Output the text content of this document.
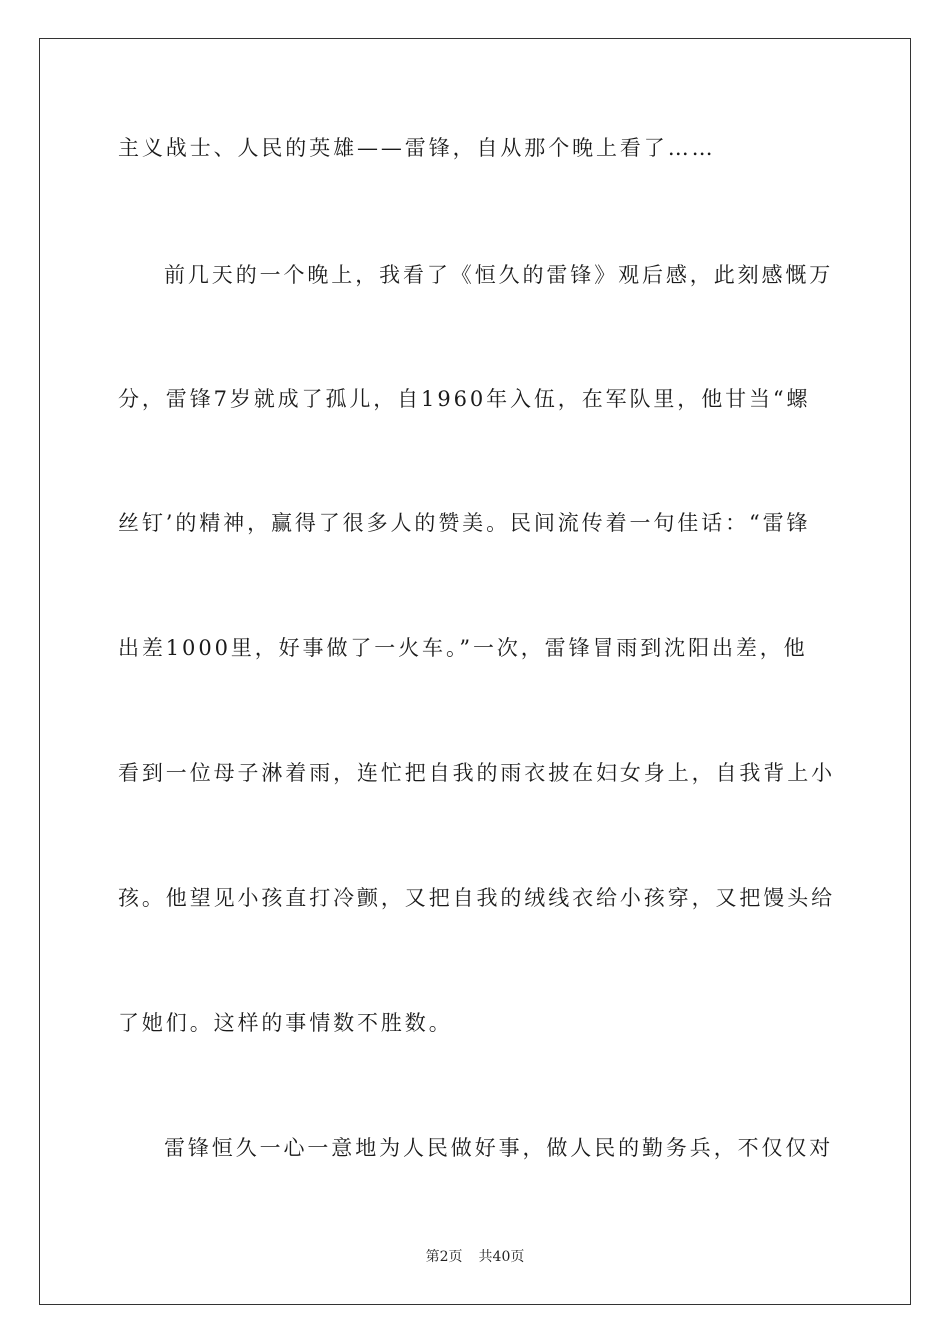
主义战士、人民的英雄——雷锋，自从那个晚上看了……
前几天的一个晚上，我看了《恒久的雷锋》观后感，此刻感慨万
分，雷锋7岁就成了孤儿，自1960年入伍，在军队里，他甘当“螺
丝钉’的精神，赢得了很多人的赞美。民间流传着一句佳话：“雷锋
出差1000里，好事做了一火车。”一次，雷锋冒雨到沈阳出差，他
看到一位母子淋着雨，连忙把自我的雨衣披在妇女身上，自我背上小
孩。他望见小孩直打冷颤，又把自我的绒线衣给小孩穿，又把馒头给
了她们。这样的事情数不胜数。
雷锋恒久一心一意地为人民做好事，做人民的勤务兵，不仅仅对
第2页 共40页
